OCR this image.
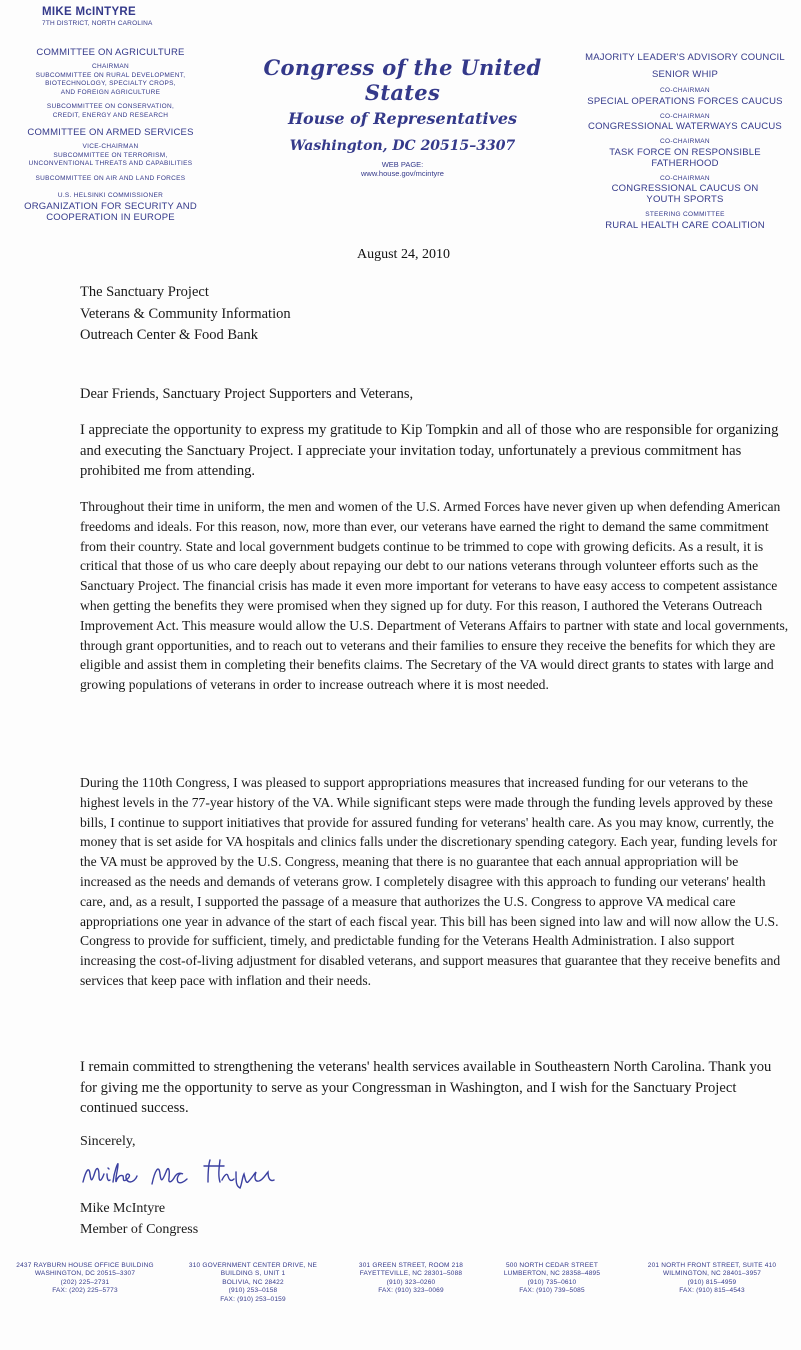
MIKE McINTYRE

7TH DISTRICT, NORTH CAROLINA

COMMITTEE ON AGRICULTURE

CHAIRMAN

SUBCOMMITTEE ON RURAL DEVELOPMENT,

BIOTECHNOLOGY, SPECIALTY CROPS,

AND FOREIGN AGRICULTURE

SUBCOMMITTEE ON CONSERVATION,

CREDIT, ENERGY AND RESEARCH

COMMITTEE ON ARMED SERVICES

VICE-CHAIRMAN

SUBCOMMITTEE ON TERRORISM,

UNCONVENTIONAL THREATS AND CAPABILITIES

SUBCOMMITTEE ON AIR AND LAND FORCES

U.S. HELSINKI COMMISSIONER

ORGANIZATION FOR SECURITY AND

COOPERATION IN EUROPE

Congress of the United States

House of Representatives

Washington, DC 20515–3307

WEB PAGE:

www.house.gov/mcintyre

MAJORITY LEADER'S ADVISORY COUNCIL

SENIOR WHIP

CO-CHAIRMAN

SPECIAL OPERATIONS FORCES CAUCUS

CO-CHAIRMAN

CONGRESSIONAL WATERWAYS CAUCUS

CO-CHAIRMAN

TASK FORCE ON RESPONSIBLE

FATHERHOOD

CO-CHAIRMAN

CONGRESSIONAL CAUCUS ON

YOUTH SPORTS

STEERING COMMITTEE

RURAL HEALTH CARE COALITION

August 24, 2010

The Sanctuary Project

Veterans & Community Information

Outreach Center & Food Bank

Dear Friends, Sanctuary Project Supporters and Veterans,
I appreciate the opportunity to express my gratitude to Kip Tompkin and all of those who are responsible for organizing and executing the Sanctuary Project. I appreciate your invitation today, unfortunately a previous commitment has prohibited me from attending.
Throughout their time in uniform, the men and women of the U.S. Armed Forces have never given up when defending American freedoms and ideals. For this reason, now, more than ever, our veterans have earned the right to demand the same commitment from their country. State and local government budgets continue to be trimmed to cope with growing deficits. As a result, it is critical that those of us who care deeply about repaying our debt to our nations veterans through volunteer efforts such as the Sanctuary Project. The financial crisis has made it even more important for veterans to have easy access to competent assistance when getting the benefits they were promised when they signed up for duty. For this reason, I authored the Veterans Outreach Improvement Act. This measure would allow the U.S. Department of Veterans Affairs to partner with state and local governments, through grant opportunities, and to reach out to veterans and their families to ensure they receive the benefits for which they are eligible and assist them in completing their benefits claims. The Secretary of the VA would direct grants to states with large and growing populations of veterans in order to increase outreach where it is most needed.
During the 110th Congress, I was pleased to support appropriations measures that increased funding for our veterans to the highest levels in the 77-year history of the VA. While significant steps were made through the funding levels approved by these bills, I continue to support initiatives that provide for assured funding for veterans' health care. As you may know, currently, the money that is set aside for VA hospitals and clinics falls under the discretionary spending category. Each year, funding levels for the VA must be approved by the U.S. Congress, meaning that there is no guarantee that each annual appropriation will be increased as the needs and demands of veterans grow. I completely disagree with this approach to funding our veterans' health care, and, as a result, I supported the passage of a measure that authorizes the U.S. Congress to approve VA medical care appropriations one year in advance of the start of each fiscal year. This bill has been signed into law and will now allow the U.S. Congress to provide for sufficient, timely, and predictable funding for the Veterans Health Administration. I also support increasing the cost-of-living adjustment for disabled veterans, and support measures that guarantee that they receive benefits and services that keep pace with inflation and their needs.
I remain committed to strengthening the veterans' health services available in Southeastern North Carolina. Thank you for giving me the opportunity to serve as your Congressman in Washington, and I wish for the Sanctuary Project continued success.
Sincerely,

Mike McIntyre

Member of Congress

2437 RAYBURN HOUSE OFFICE BUILDING
WASHINGTON, DC 20515–3307
(202) 225–2731
FAX: (202) 225–5773
310 GOVERNMENT CENTER DRIVE, NE
BUILDING S, UNIT 1
BOLIVIA, NC 28422
(910) 253–0158
FAX: (910) 253–0159
301 GREEN STREET, ROOM 218
FAYETTEVILLE, NC 28301–5088
(910) 323–0260
FAX: (910) 323–0069
500 NORTH CEDAR STREET
LUMBERTON, NC 28358–4895
(910) 735–0610
FAX: (910) 739–5085
201 NORTH FRONT STREET, SUITE 410
WILMINGTON, NC 28401–3957
(910) 815–4959
FAX: (910) 815–4543
